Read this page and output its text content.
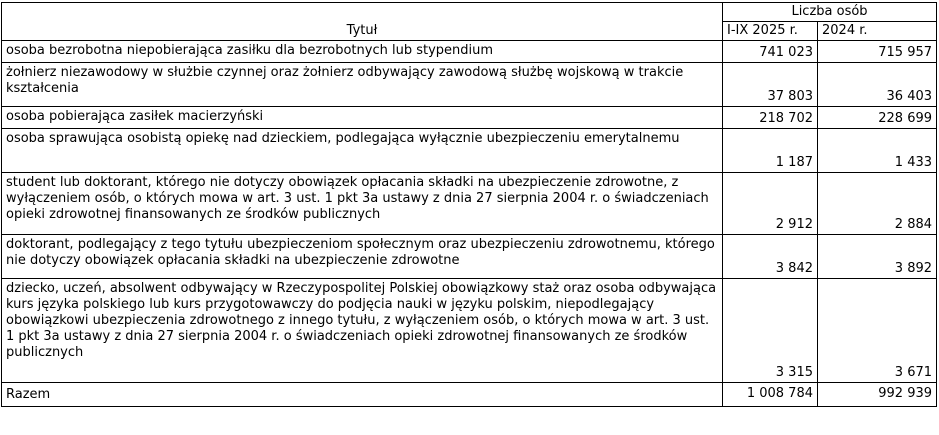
Tytuł	Liczba osób	
	I-IX 2025 r.	2024 r.
osoba bezrobotna niepobierająca zasiłku dla bezrobotnych lub stypendium	741 023	715 957
żołnierz niezawodowy w służbie czynnej oraz żołnierz odbywający zawodową służbę wojskową w trakcie kształcenia	37 803	36 403
osoba pobierająca zasiłek macierzyński	218 702	228 699
osoba sprawująca osobistą opiekę nad dzieckiem, podlegająca wyłącznie ubezpieczeniu emerytalnemu	1 187	1 433
student lub doktorant, którego nie dotyczy obowiązek opłacania składki na ubezpieczenie zdrowotne, z wyłączeniem osób, o których mowa w art. 3 ust. 1 pkt 3a ustawy z dnia 27 sierpnia 2004 r. o świadczeniach opieki zdrowotnej finansowanych ze środków publicznych	2 912	2 884
doktorant, podlegający z tego tytułu ubezpieczeniom społecznym oraz ubezpieczeniu zdrowotnemu, którego nie dotyczy obowiązek opłacania składki na ubezpieczenie zdrowotne	3 842	3 892
dziecko, uczeń, absolwent odbywający w Rzeczypospolitej Polskiej obowiązkowy staż oraz osoba odbywająca kurs języka polskiego lub kurs przygotowawczy do podjęcia nauki w języku polskim, niepodlegający obowiązkowi ubezpieczenia zdrowotnego z innego tytułu, z wyłączeniem osób, o których mowa w art. 3 ust. 1 pkt 3a ustawy z dnia 27 sierpnia 2004 r. o świadczeniach opieki zdrowotnej finansowanych ze środków publicznych	3 315	3 671
Razem	1 008 784	992 939
